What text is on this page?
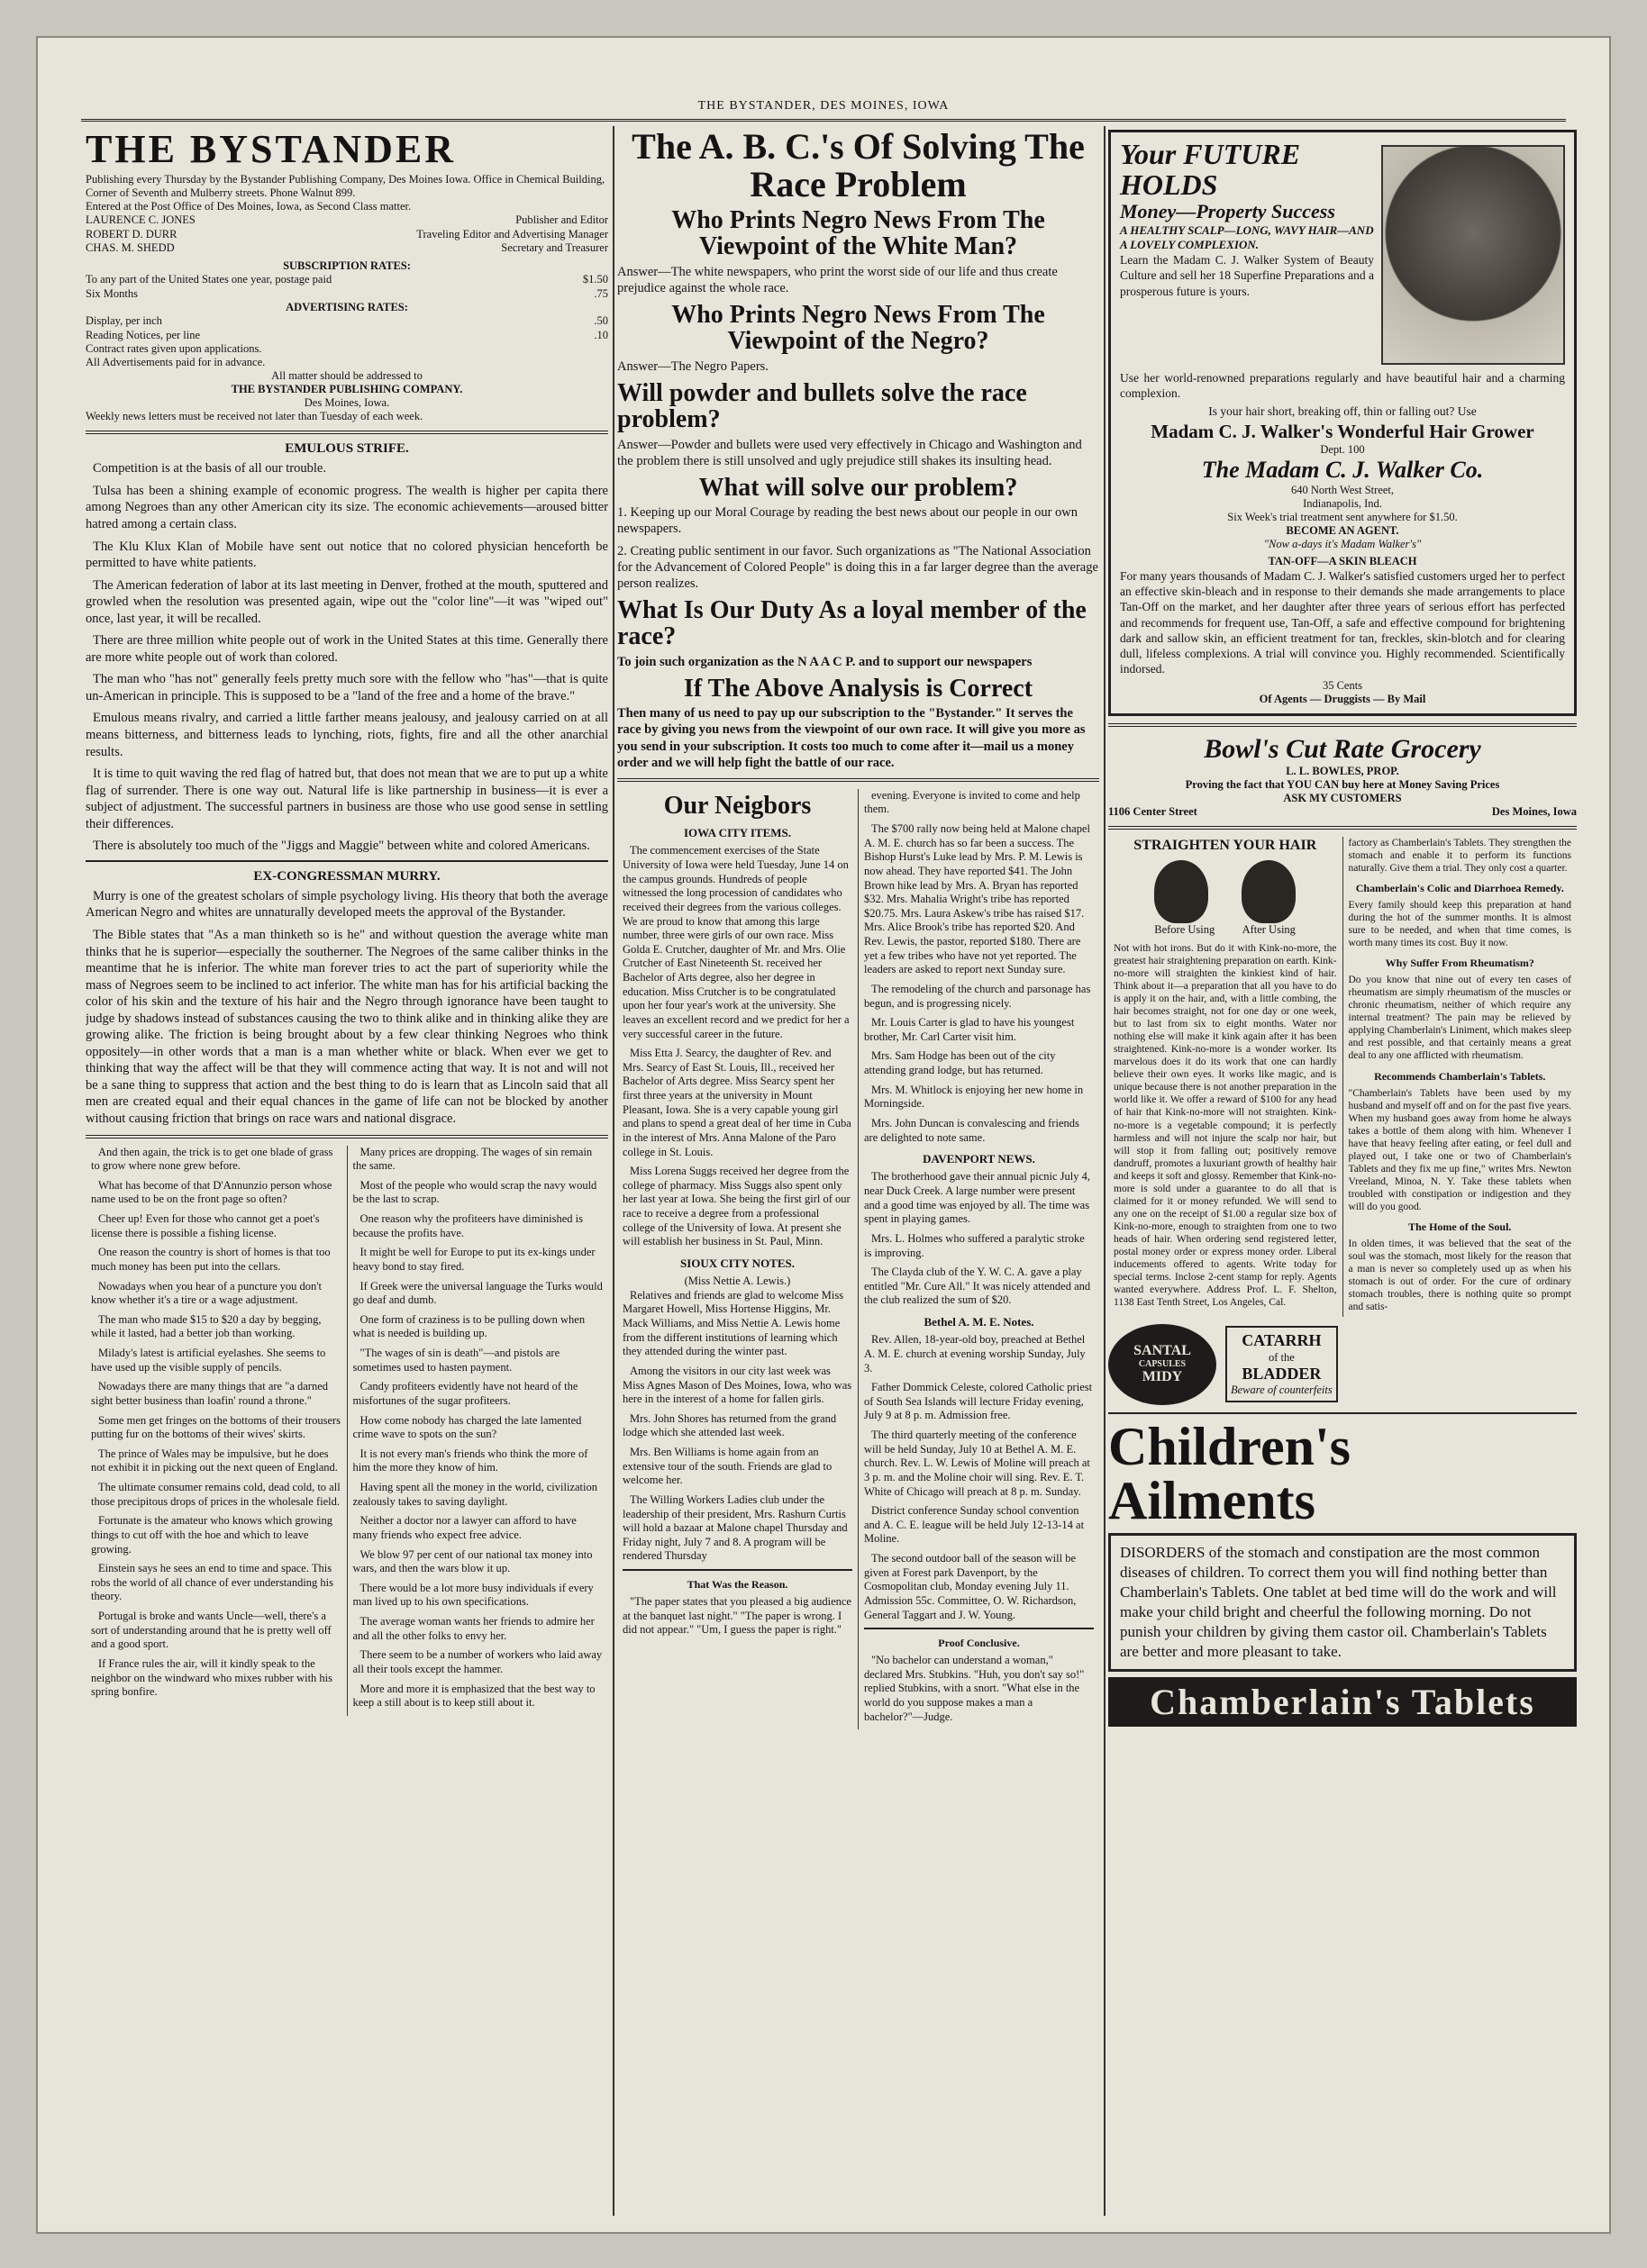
THE BYSTANDER, DES MOINES, IOWA
THE BYSTANDER
Publishing every Thursday by the Bystander Publishing Company, Des Moines Iowa. Office in Chemical Building, Corner of Seventh and Mulberry streets. Phone Walnut 899.
Entered at the Post Office of Des Moines, Iowa, as Second Class matter.
LAURENCE C. JONES	Publisher and Editor
ROBERT D. DURR	Traveling Editor and Advertising Manager
CHAS. M. SHEDD	Secretary and Treasurer
SUBSCRIPTION RATES:
To any part of the United States one year, postage paid	$1.50
Six Months	.75
ADVERTISING RATES:
Display, per inch	.50
Reading Notices, per line	.10
Contract rates given upon applications.
All Advertisements paid for in advance.
All matter should be addressed to
THE BYSTANDER PUBLISHING COMPANY.
Des Moines, Iowa.
Weekly news letters must be received not later than Tuesday of each week.
EMULOUS STRIFE.

Competition is at the basis of all our trouble.

Tulsa has been a shining example of economic progress. The wealth is higher per capita there among Negroes than any other American city its size. The economic achievements—aroused bitter hatred among a certain class.

The Klu Klux Klan of Mobile have sent out notice that no colored physician henceforth be permitted to have white patients.

The American federation of labor at its last meeting in Denver, frothed at the mouth, sputtered and growled when the resolution was presented again, wipe out the "color line"—it was "wiped out" once, last year, it will be recalled.

There are three million white people out of work in the United States at this time. Generally there are more white people out of work than colored.

The man who "has not" generally feels pretty much sore with the fellow who "has"—that is quite un-American in principle. This is supposed to be a "land of the free and a home of the brave."

Emulous means rivalry, and carried a little farther means jealousy, and jealousy carried on at all means bitterness, and bitterness leads to lynching, riots, fights, fire and all the other anarchial results.

It is time to quit waving the red flag of hatred but, that does not mean that we are to put up a white flag of surrender. There is one way out. Natural life is like partnership in business—it is ever a subject of adjustment. The successful partners in business are those who use good sense in settling their differences.

There is absolutely too much of the "Jiggs and Maggie" between white and colored Americans.

EX-CONGRESSMAN MURRY.

Murry is one of the greatest scholars of simple psychology living. His theory that both the average American Negro and whites are unnaturally developed meets the approval of the Bystander.

The Bible states that "As a man thinketh so is he" and without question the average white man thinks that he is superior—especially the southerner. The Negroes of the same caliber thinks in the meantime that he is inferior. The white man forever tries to act the part of superiority while the mass of Negroes seem to be inclined to act inferior. The white man has for his artificial backing the color of his skin and the texture of his hair and the Negro through ignorance have been taught to judge by shadows instead of substances causing the two to think alike and in thinking alike they are growing alike. The friction is being brought about by a few clear thinking Negroes who think oppositely—in other words that a man is a man whether white or black. When ever we get to thinking that way the affect will be that they will commence acting that way. It is not and will not be a sane thing to suppress that action and the best thing to do is learn that as Lincoln said that all men are created equal and their equal chances in the game of life can not be blocked by another without causing friction that brings on race wars and national disgrace.

And then again, the trick is to get one blade of grass to grow where none grew before.

What has become of that D'Annunzio person whose name used to be on the front page so often?

Cheer up! Even for those who cannot get a poet's license there is possible a fishing license.

One reason the country is short of homes is that too much money has been put into the cellars.

Nowadays when you hear of a puncture you don't know whether it's a tire or a wage adjustment.

The man who made $15 to $20 a day by begging, while it lasted, had a better job than working.

Milady's latest is artificial eyelashes. She seems to have used up the visible supply of pencils.

Nowadays there are many things that are "a darned sight better business than loafin' round a throne."

Some men get fringes on the bottoms of their trousers putting fur on the bottoms of their wives' skirts.

The prince of Wales may be impulsive, but he does not exhibit it in picking out the next queen of England.

The ultimate consumer remains cold, dead cold, to all those precipitous drops of prices in the wholesale field.

Fortunate is the amateur who knows which growing things to cut off with the hoe and which to leave growing.

Einstein says he sees an end to time and space. This robs the world of all chance of ever understanding his theory.

Portugal is broke and wants Uncle—well, there's a sort of understanding around that he is pretty well off and a good sport.

If France rules the air, will it kindly speak to the neighbor on the windward who mixes rubber with his spring bonfire.

Many prices are dropping. The wages of sin remain the same.

Most of the people who would scrap the navy would be the last to scrap.

One reason why the profiteers have diminished is because the profits have.

It might be well for Europe to put its ex-kings under heavy bond to stay fired.

If Greek were the universal language the Turks would go deaf and dumb.

One form of craziness is to be pulling down when what is needed is building up.

"The wages of sin is death"—and pistols are sometimes used to hasten payment.

Candy profiteers evidently have not heard of the misfortunes of the sugar profiteers.

How come nobody has charged the late lamented crime wave to spots on the sun?

It is not every man's friends who think the more of him the more they know of him.

Having spent all the money in the world, civilization zealously takes to saving daylight.

Neither a doctor nor a lawyer can afford to have many friends who expect free advice.

We blow 97 per cent of our national tax money into wars, and then the wars blow it up.

There would be a lot more busy individuals if every man lived up to his own specifications.

The average woman wants her friends to admire her and all the other folks to envy her.

There seem to be a number of workers who laid away all their tools except the hammer.

More and more it is emphasized that the best way to keep a still about is to keep still about it.

The A. B. C.'s Of Solving The Race Problem
Who Prints Negro News From The Viewpoint of the White Man?

Answer—The white newspapers, who print the worst side of our life and thus create prejudice against the whole race.

Who Prints Negro News From The Viewpoint of the Negro?

Answer—The Negro Papers.

Will powder and bullets solve the race problem?

Answer—Powder and bullets were used very effectively in Chicago and Washington and the problem there is still unsolved and ugly prejudice still shakes its insulting head.

What will solve our problem?

1. Keeping up our Moral Courage by reading the best news about our people in our own newspapers.

2. Creating public sentiment in our favor. Such organizations as "The National Association for the Advancement of Colored People" is doing this in a far larger degree than the average person realizes.

What Is Our Duty As a loyal member of the race?

To join such organization as the N A A C P. and to support our newspapers

If The Above Analysis is Correct

Then many of us need to pay up our subscription to the "Bystander." It serves the race by giving you news from the viewpoint of our own race. It will give you more as you send in your subscription. It costs too much to come after it—mail us a money order and we will help fight the battle of our race.

Our Neigbors
IOWA CITY ITEMS.

The commencement exercises of the State University of Iowa were held Tuesday, June 14 on the campus grounds. Hundreds of people witnessed the long procession of candidates who received their degrees from the various colleges. We are proud to know that among this large number, three were girls of our own race. Miss Golda E. Crutcher, daughter of Mr. and Mrs. Olie Crutcher of East Nineteenth St. received her Bachelor of Arts degree, also her degree in education. Miss Crutcher is to be congratulated upon her four year's work at the university. She leaves an excellent record and we predict for her a very successful career in the future.

Miss Etta J. Searcy, the daughter of Rev. and Mrs. Searcy of East St. Louis, Ill., received her Bachelor of Arts degree. Miss Searcy spent her first three years at the university in Mount Pleasant, Iowa. She is a very capable young girl and plans to spend a great deal of her time in Cuba in the interest of Mrs. Anna Malone of the Paro college in St. Louis.

Miss Lorena Suggs received her degree from the college of pharmacy. Miss Suggs also spent only her last year at Iowa. She being the first girl of our race to receive a degree from a professional college of the University of Iowa. At present she will establish her business in St. Paul, Minn.

SIOUX CITY NOTES.
(Miss Nettie A. Lewis.)

Relatives and friends are glad to welcome Miss Margaret Howell, Miss Hortense Higgins, Mr. Mack Williams, and Miss Nettie A. Lewis home from the different institutions of learning which they attended during the winter past.

Among the visitors in our city last week was Miss Agnes Mason of Des Moines, Iowa, who was here in the interest of a home for fallen girls.

Mrs. John Shores has returned from the grand lodge which she attended last week.

Mrs. Ben Williams is home again from an extensive tour of the south. Friends are glad to welcome her.

The Willing Workers Ladies club under the leadership of their president, Mrs. Rashurn Curtis will hold a bazaar at Malone chapel Thursday and Friday night, July 7 and 8. A program will be rendered Thursday

That Was the Reason.

"The paper states that you pleased a big audience at the banquet last night." "The paper is wrong. I did not appear." "Um, I guess the paper is right."

evening. Everyone is invited to come and help them.

The $700 rally now being held at Malone chapel A. M. E. church has so far been a success. The Bishop Hurst's Luke lead by Mrs. P. M. Lewis is now ahead. They have reported $41. The John Brown hike lead by Mrs. A. Bryan has reported $32. Mrs. Mahalia Wright's tribe has reported $20.75. Mrs. Laura Askew's tribe has raised $17. Mrs. Alice Brook's tribe has reported $20. And Rev. Lewis, the pastor, reported $180. There are yet a few tribes who have not yet reported. The leaders are asked to report next Sunday sure.

The remodeling of the church and parsonage has begun, and is progressing nicely.

Mr. Louis Carter is glad to have his youngest brother, Mr. Carl Carter visit him.

Mrs. Sam Hodge has been out of the city attending grand lodge, but has returned.

Mrs. M. Whitlock is enjoying her new home in Morningside.

Mrs. John Duncan is convalescing and friends are delighted to note same.

DAVENPORT NEWS.

The brotherhood gave their annual picnic July 4, near Duck Creek. A large number were present and a good time was enjoyed by all. The time was spent in playing games.

Mrs. L. Holmes who suffered a paralytic stroke is improving.

The Clayda club of the Y. W. C. A. gave a play entitled "Mr. Cure All." It was nicely attended and the club realized the sum of $20.

Bethel A. M. E. Notes.

Rev. Allen, 18-year-old boy, preached at Bethel A. M. E. church at evening worship Sunday, July 3.

Father Dommick Celeste, colored Catholic priest of South Sea Islands will lecture Friday evening, July 9 at 8 p. m. Admission free.

The third quarterly meeting of the conference will be held Sunday, July 10 at Bethel A. M. E. church. Rev. L. W. Lewis of Moline will preach at 3 p. m. and the Moline choir will sing. Rev. E. T. White of Chicago will preach at 8 p. m. Sunday.

District conference Sunday school convention and A. C. E. league will be held July 12-13-14 at Moline.

The second outdoor ball of the season will be given at Forest park Davenport, by the Cosmopolitan club, Monday evening July 11. Admission 55c. Committee, O. W. Richardson, General Taggart and J. W. Young.

Proof Conclusive.

"No bachelor can understand a woman," declared Mrs. Stubkins. "Huh, you don't say so!" replied Stubkins, with a snort. "What else in the world do you suppose makes a man a bachelor?"—Judge.

Your FUTURE HOLDS
Money—Property Success
A HEALTHY SCALP—LONG, WAVY HAIR—AND A LOVELY COMPLEXION.

Learn the Madam C. J. Walker System of Beauty Culture and sell her 18 Superfine Preparations and a prosperous future is yours.

Use her world-renowned preparations regularly and have beautiful hair and a charming complexion.

Is your hair short, breaking off, thin or falling out? Use

Madam C. J. Walker's Wonderful Hair Grower
Dept. 100
The Madam C. J. Walker Co.
640 North West Street,
Indianapolis, Ind.
Six Week's trial treatment sent anywhere for $1.50.
BECOME AN AGENT.
"Now a-days it's Madam Walker's"
TAN-OFF—A SKIN BLEACH

For many years thousands of Madam C. J. Walker's satisfied customers urged her to perfect an effective skin-bleach and in response to their demands she made arrangements to place Tan-Off on the market, and her daughter after three years of serious effort has perfected and recommends for frequent use, Tan-Off, a safe and effective compound for brightening dark and sallow skin, an efficient treatment for tan, freckles, skin-blotch and for clearing dull, lifeless complexions. A trial will convince you. Highly recommended. Scientifically indorsed.

35 Cents
Of Agents — Druggists — By Mail
Bowl's Cut Rate Grocery
L. L. BOWLES, PROP.
Proving the fact that YOU CAN buy here at Money Saving Prices
ASK MY CUSTOMERS
1106 Center Street	Des Moines, Iowa
STRAIGHTEN YOUR HAIR
Before Using After Using

Not with hot irons. But do it with Kink-no-more, the greatest hair straightening preparation on earth. Kink-no-more will straighten the kinkiest kind of hair. Think about it—a preparation that all you have to do is apply it on the hair, and, with a little combing, the hair becomes straight, not for one day or one week, but to last from six to eight months. Water nor nothing else will make it kink again after it has been straightened. Kink-no-more is a wonder worker. Its marvelous does it do its work that one can hardly believe their own eyes. It works like magic, and is unique because there is not another preparation in the world like it. We offer a reward of $100 for any head of hair that Kink-no-more will not straighten. Kink-no-more is a vegetable compound; it is perfectly harmless and will not injure the scalp nor hair, but will stop it from falling out; positively remove dandruff, promotes a luxuriant growth of healthy hair and keeps it soft and glossy. Remember that Kink-no-more is sold under a guarantee to do all that is claimed for it or money refunded. We will send to any one on the receipt of $1.00 a regular size box of Kink-no-more, enough to straighten from one to two heads of hair. When ordering send registered letter, postal money order or express money order. Liberal inducements offered to agents. Write today for special terms. Inclose 2-cent stamp for reply. Agents wanted everywhere. Address Prof. L. F. Shelton, 1138 East Tenth Street, Los Angeles, Cal.

factory as Chamberlain's Tablets. They strengthen the stomach and enable it to perform its functions naturally. Give them a trial. They only cost a quarter.

Chamberlain's Colic and Diarrhoea Remedy.

Every family should keep this preparation at hand during the hot of the summer months. It is almost sure to be needed, and when that time comes, is worth many times its cost. Buy it now.

Why Suffer From Rheumatism?

Do you know that nine out of every ten cases of rheumatism are simply rheumatism of the muscles or chronic rheumatism, neither of which require any internal treatment? The pain may be relieved by applying Chamberlain's Liniment, which makes sleep and rest possible, and that certainly means a great deal to any one afflicted with rheumatism.

Recommends Chamberlain's Tablets.

"Chamberlain's Tablets have been used by my husband and myself off and on for the past five years. When my husband goes away from home he always takes a bottle of them along with him. Whenever I have that heavy feeling after eating, or feel dull and played out, I take one or two of Chamberlain's Tablets and they fix me up fine," writes Mrs. Newton Vreeland, Minoa, N. Y. Take these tablets when troubled with constipation or indigestion and they will do you good.

The Home of the Soul.

In olden times, it was believed that the seat of the soul was the stomach, most likely for the reason that a man is never so completely used up as when his stomach is out of order. For the cure of ordinary stomach troubles, there is nothing quite so prompt and satis-

SANTAL
CAPSULES
MIDY
CATARRH
of the
BLADDER
Beware of counterfeits
Children's
Ailments

DISORDERS of the stomach and constipation are the most common diseases of children. To correct them you will find nothing better than Chamberlain's Tablets. One tablet at bed time will do the work and will make your child bright and cheerful the following morning. Do not punish your children by giving them castor oil. Chamberlain's Tablets are better and more pleasant to take.

Chamberlain's Tablets
